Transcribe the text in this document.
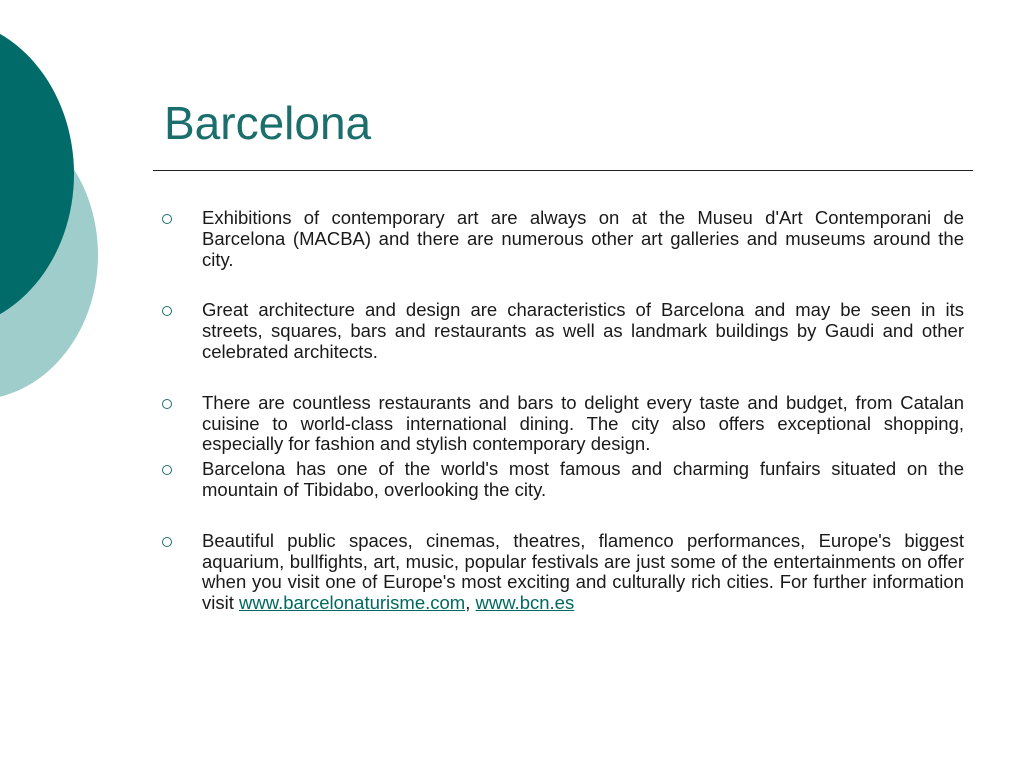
Barcelona
Exhibitions of contemporary art are always on at the Museu d'Art Contemporani de Barcelona (MACBA) and there are numerous other art galleries and museums around the city.
Great architecture and design are characteristics of Barcelona and may be seen in its streets, squares, bars and restaurants as well as landmark buildings by Gaudi and other celebrated architects.
There are countless restaurants and bars to delight every taste and budget, from Catalan cuisine to world-class international dining. The city also offers exceptional shopping, especially for fashion and stylish contemporary design.
Barcelona has one of the world's most famous and charming funfairs situated on the mountain of Tibidabo, overlooking the city.
Beautiful public spaces, cinemas, theatres, flamenco performances, Europe's biggest aquarium, bullfights, art, music, popular festivals are just some of the entertainments on offer when you visit one of Europe's most exciting and culturally rich cities. For further information visit www.barcelonaturisme.com, www.bcn.es
